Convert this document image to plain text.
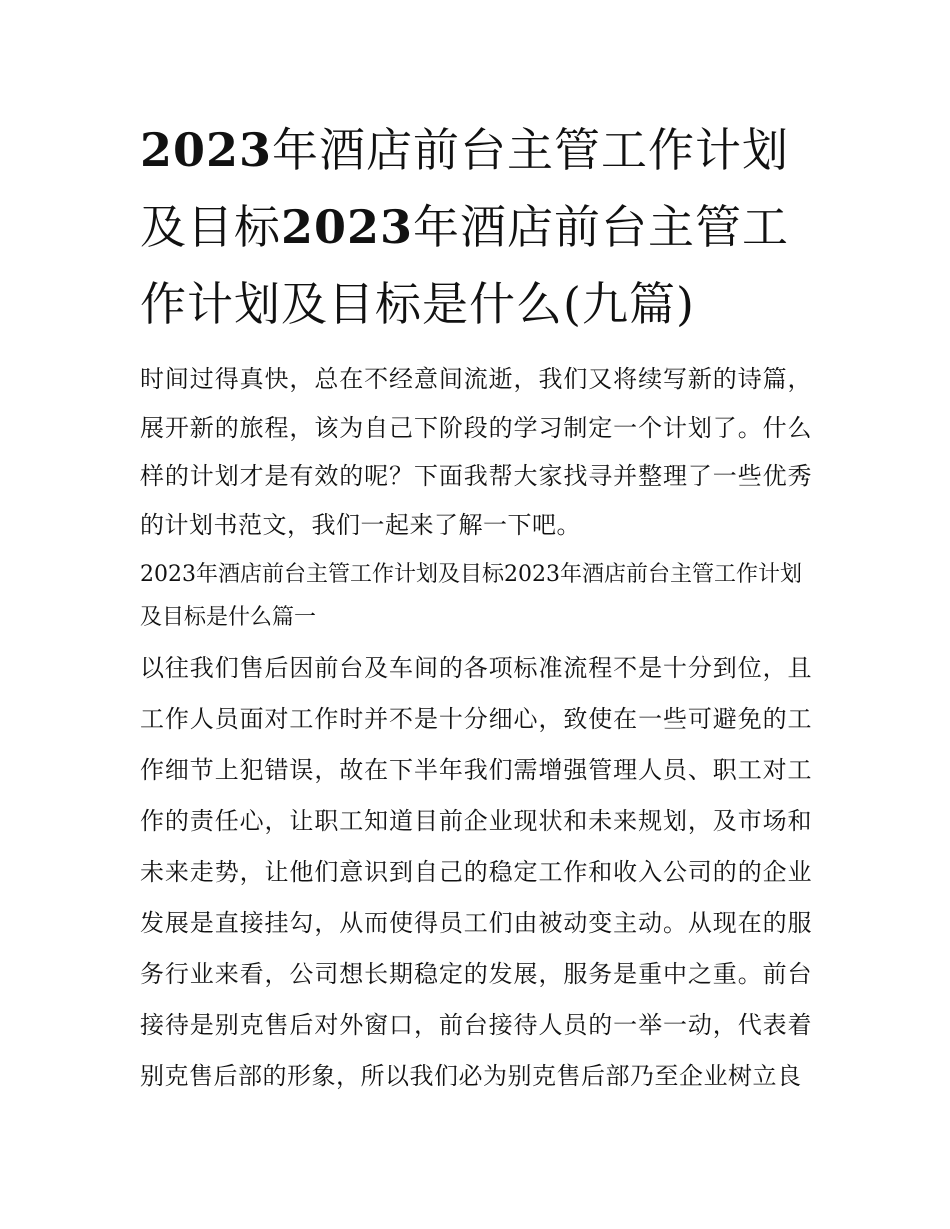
2023年酒店前台主管工作计划及目标2023年酒店前台主管工作计划及目标是什么(九篇)

时间过得真快，总在不经意间流逝，我们又将续写新的诗篇，展开新的旅程，该为自己下阶段的学习制定一个计划了。什么样的计划才是有效的呢？下面我帮大家找寻并整理了一些优秀的计划书范文，我们一起来了解一下吧。

2023年酒店前台主管工作计划及目标2023年酒店前台主管工作计划及目标是什么篇一

以往我们售后因前台及车间的各项标准流程不是十分到位，且工作人员面对工作时并不是十分细心，致使在一些可避免的工作细节上犯错误，故在下半年我们需增强管理人员、职工对工作的责任心，让职工知道目前企业现状和未来规划，及市场和未来走势，让他们意识到自己的稳定工作和收入公司的的企业发展是直接挂勾，从而使得员工们由被动变主动。从现在的服务行业来看，公司想长期稳定的发展，服务是重中之重。前台接待是别克售后对外窗口，前台接待人员的一举一动，代表着别克售后部的形象，所以我们必为别克售后部乃至企业树立良
